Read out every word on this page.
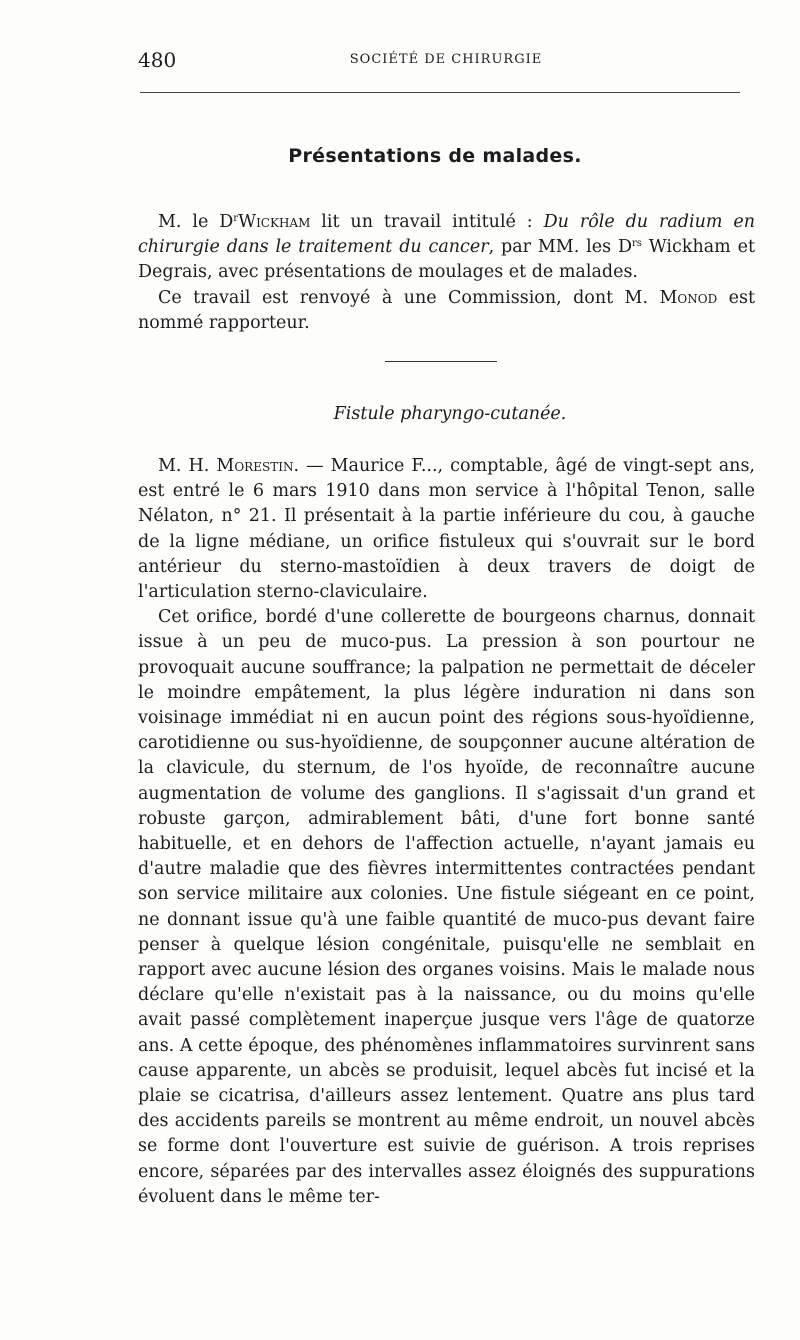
480	SOCIÉTÉ DE CHIRURGIE
Présentations de malades.

M. le $D^rWickham$ lit un travail intitulé : Du rôle du radium en chirurgie dans le traitement du cancer, par MM. les $D^{rs}$ Wickham et Degrais, avec présentations de moulages et de malades.

Ce travail est renvoyé à une Commission, dont M. Monod est nommé rapporteur.

Fistule pharyngo-cutanée.

M. H. Morestin. — Maurice F..., comptable, âgé de vingt-sept ans, est entré le 6 mars 1910 dans mon service à l'hôpital Tenon, salle Nélaton, n° 21. Il présentait à la partie inférieure du cou, à gauche de la ligne médiane, un orifice fistuleux qui s'ouvrait sur le bord antérieur du sterno-mastoïdien à deux travers de doigt de l'articulation sterno-claviculaire.

Cet orifice, bordé d'une collerette de bourgeons charnus, donnait issue à un peu de muco-pus. La pression à son pourtour ne provoquait aucune souffrance; la palpation ne permettait de déceler le moindre empâtement, la plus légère induration ni dans son voisinage immédiat ni en aucun point des régions sous-hyoïdienne, carotidienne ou sus-hyoïdienne, de soupçonner aucune altération de la clavicule, du sternum, de l'os hyoïde, de reconnaître aucune augmentation de volume des ganglions. Il s'agissait d'un grand et robuste garçon, admirablement bâti, d'une fort bonne santé habituelle, et en dehors de l'affection actuelle, n'ayant jamais eu d'autre maladie que des fièvres intermittentes contractées pendant son service militaire aux colonies. Une fistule siégeant en ce point, ne donnant issue qu'à une faible quantité de muco-pus devant faire penser à quelque lésion congénitale, puisqu'elle ne semblait en rapport avec aucune lésion des organes voisins. Mais le malade nous déclare qu'elle n'existait pas à la naissance, ou du moins qu'elle avait passé complètement inaperçue jusque vers l'âge de quatorze ans. A cette époque, des phénomènes inflammatoires survinrent sans cause apparente, un abcès se produisit, lequel abcès fut incisé et la plaie se cicatrisa, d'ailleurs assez lentement. Quatre ans plus tard des accidents pareils se montrent au même endroit, un nouvel abcès se forme dont l'ouverture est suivie de guérison. A trois reprises encore, séparées par des intervalles assez éloignés des suppurations évoluent dans le même ter-
